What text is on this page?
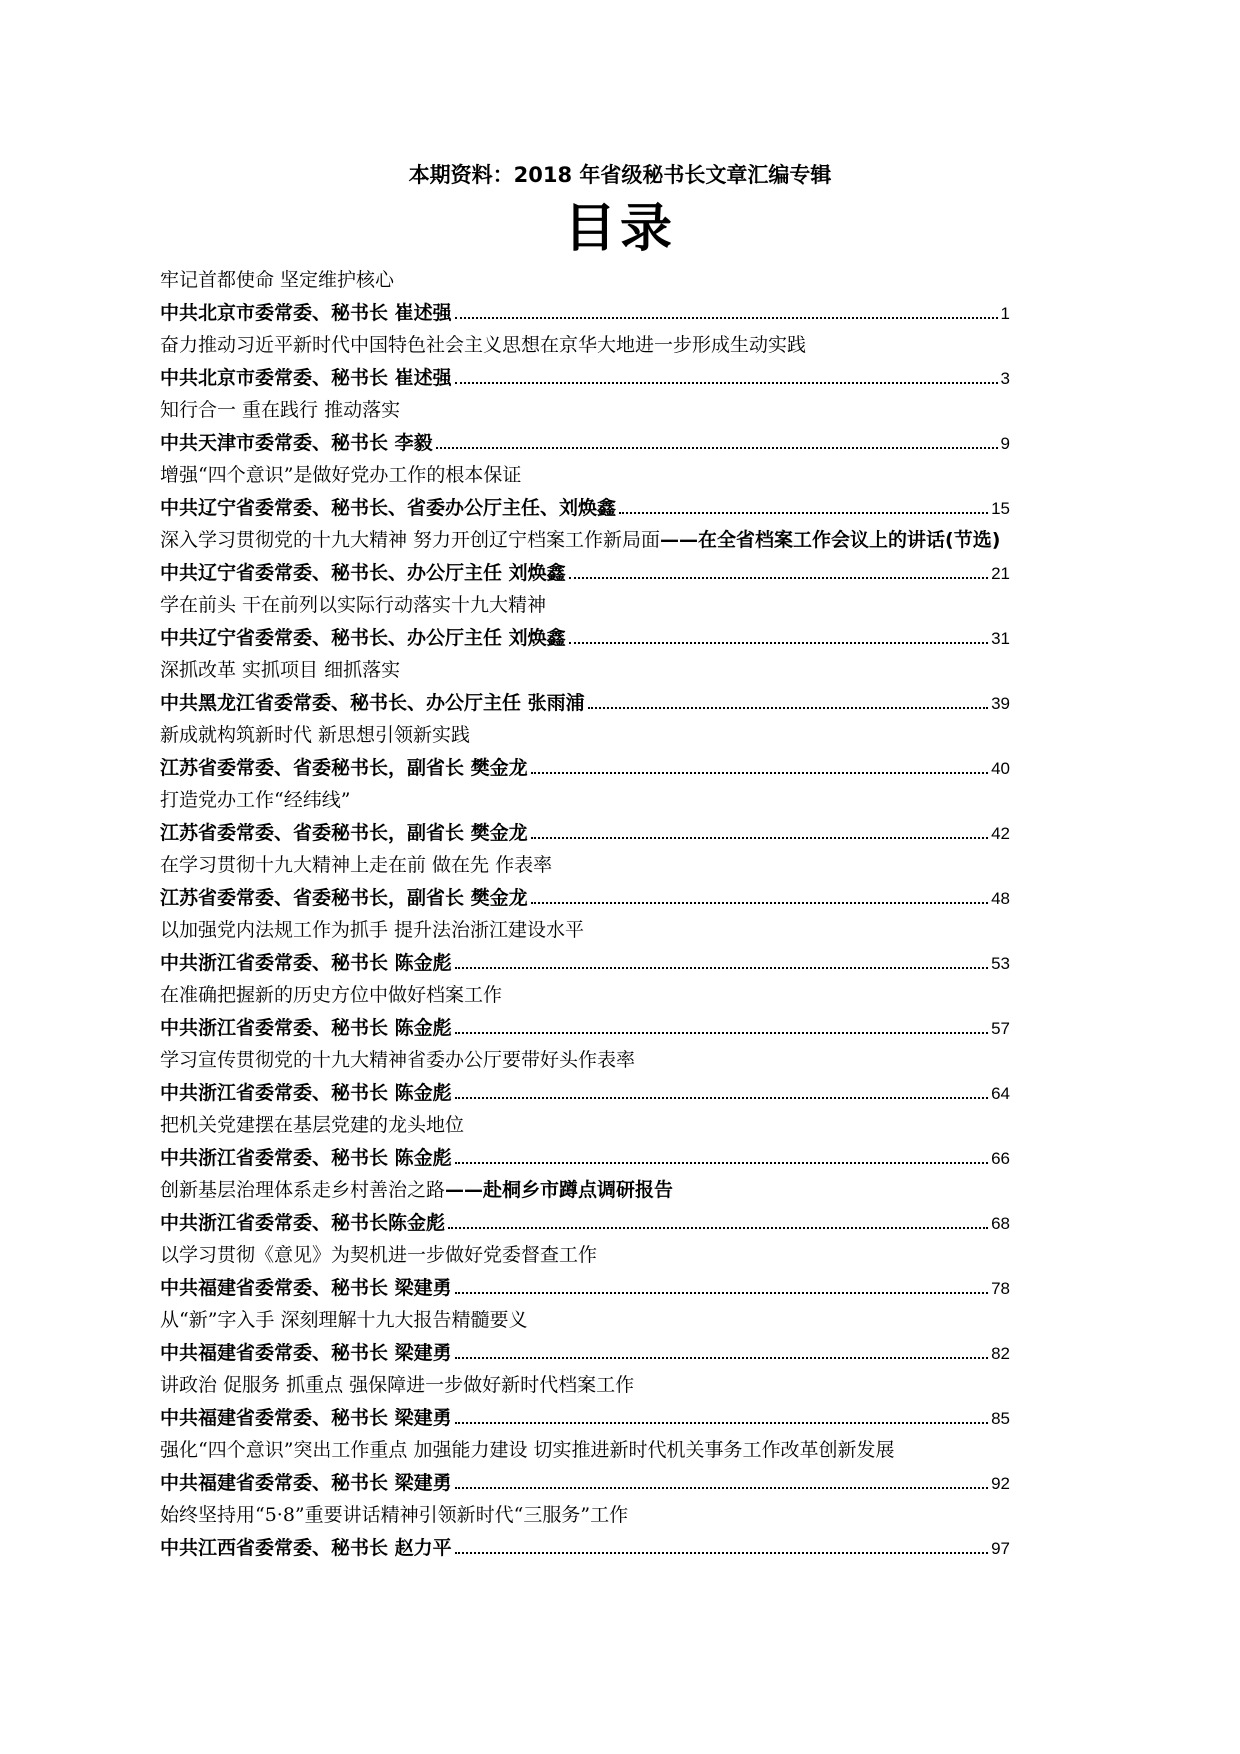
本期资料：2018 年省级秘书长文章汇编专辑
目录
牢记首都使命 坚定维护核心
中共北京市委常委、秘书长 崔述强	1
奋力推动习近平新时代中国特色社会主义思想在京华大地进一步形成生动实践
中共北京市委常委、秘书长 崔述强	3
知行合一 重在践行 推动落实
中共天津市委常委、秘书长 李毅	9
增强“四个意识”是做好党办工作的根本保证
中共辽宁省委常委、秘书长、省委办公厅主任、刘焕鑫	15
深入学习贯彻党的十九大精神 努力开创辽宁档案工作新局面——在全省档案工作会议上的讲话(节选)
中共辽宁省委常委、秘书长、办公厅主任 刘焕鑫	21
学在前头 干在前列以实际行动落实十九大精神
中共辽宁省委常委、秘书长、办公厅主任 刘焕鑫	31
深抓改革 实抓项目 细抓落实
中共黑龙江省委常委、秘书长、办公厅主任 张雨浦	39
新成就构筑新时代 新思想引领新实践
江苏省委常委、省委秘书长，副省长 樊金龙	40
打造党办工作“经纬线”
江苏省委常委、省委秘书长，副省长 樊金龙	42
在学习贯彻十九大精神上走在前 做在先 作表率
江苏省委常委、省委秘书长，副省长 樊金龙	48
以加强党内法规工作为抓手 提升法治浙江建设水平
中共浙江省委常委、秘书长 陈金彪	53
在准确把握新的历史方位中做好档案工作
中共浙江省委常委、秘书长 陈金彪	57
学习宣传贯彻党的十九大精神省委办公厅要带好头作表率
中共浙江省委常委、秘书长 陈金彪	64
把机关党建摆在基层党建的龙头地位
中共浙江省委常委、秘书长 陈金彪	66
创新基层治理体系走乡村善治之路——赴桐乡市蹲点调研报告
中共浙江省委常委、秘书长陈金彪	68
以学习贯彻《意见》为契机进一步做好党委督查工作
中共福建省委常委、秘书长 梁建勇	78
从“新”字入手 深刻理解十九大报告精髓要义
中共福建省委常委、秘书长 梁建勇	82
讲政治 促服务 抓重点 强保障进一步做好新时代档案工作
中共福建省委常委、秘书长 梁建勇	85
强化“四个意识”突出工作重点 加强能力建设 切实推进新时代机关事务工作改革创新发展
中共福建省委常委、秘书长 梁建勇	92
始终坚持用“5·8”重要讲话精神引领新时代“三服务”工作
中共江西省委常委、秘书长 赵力平	97
